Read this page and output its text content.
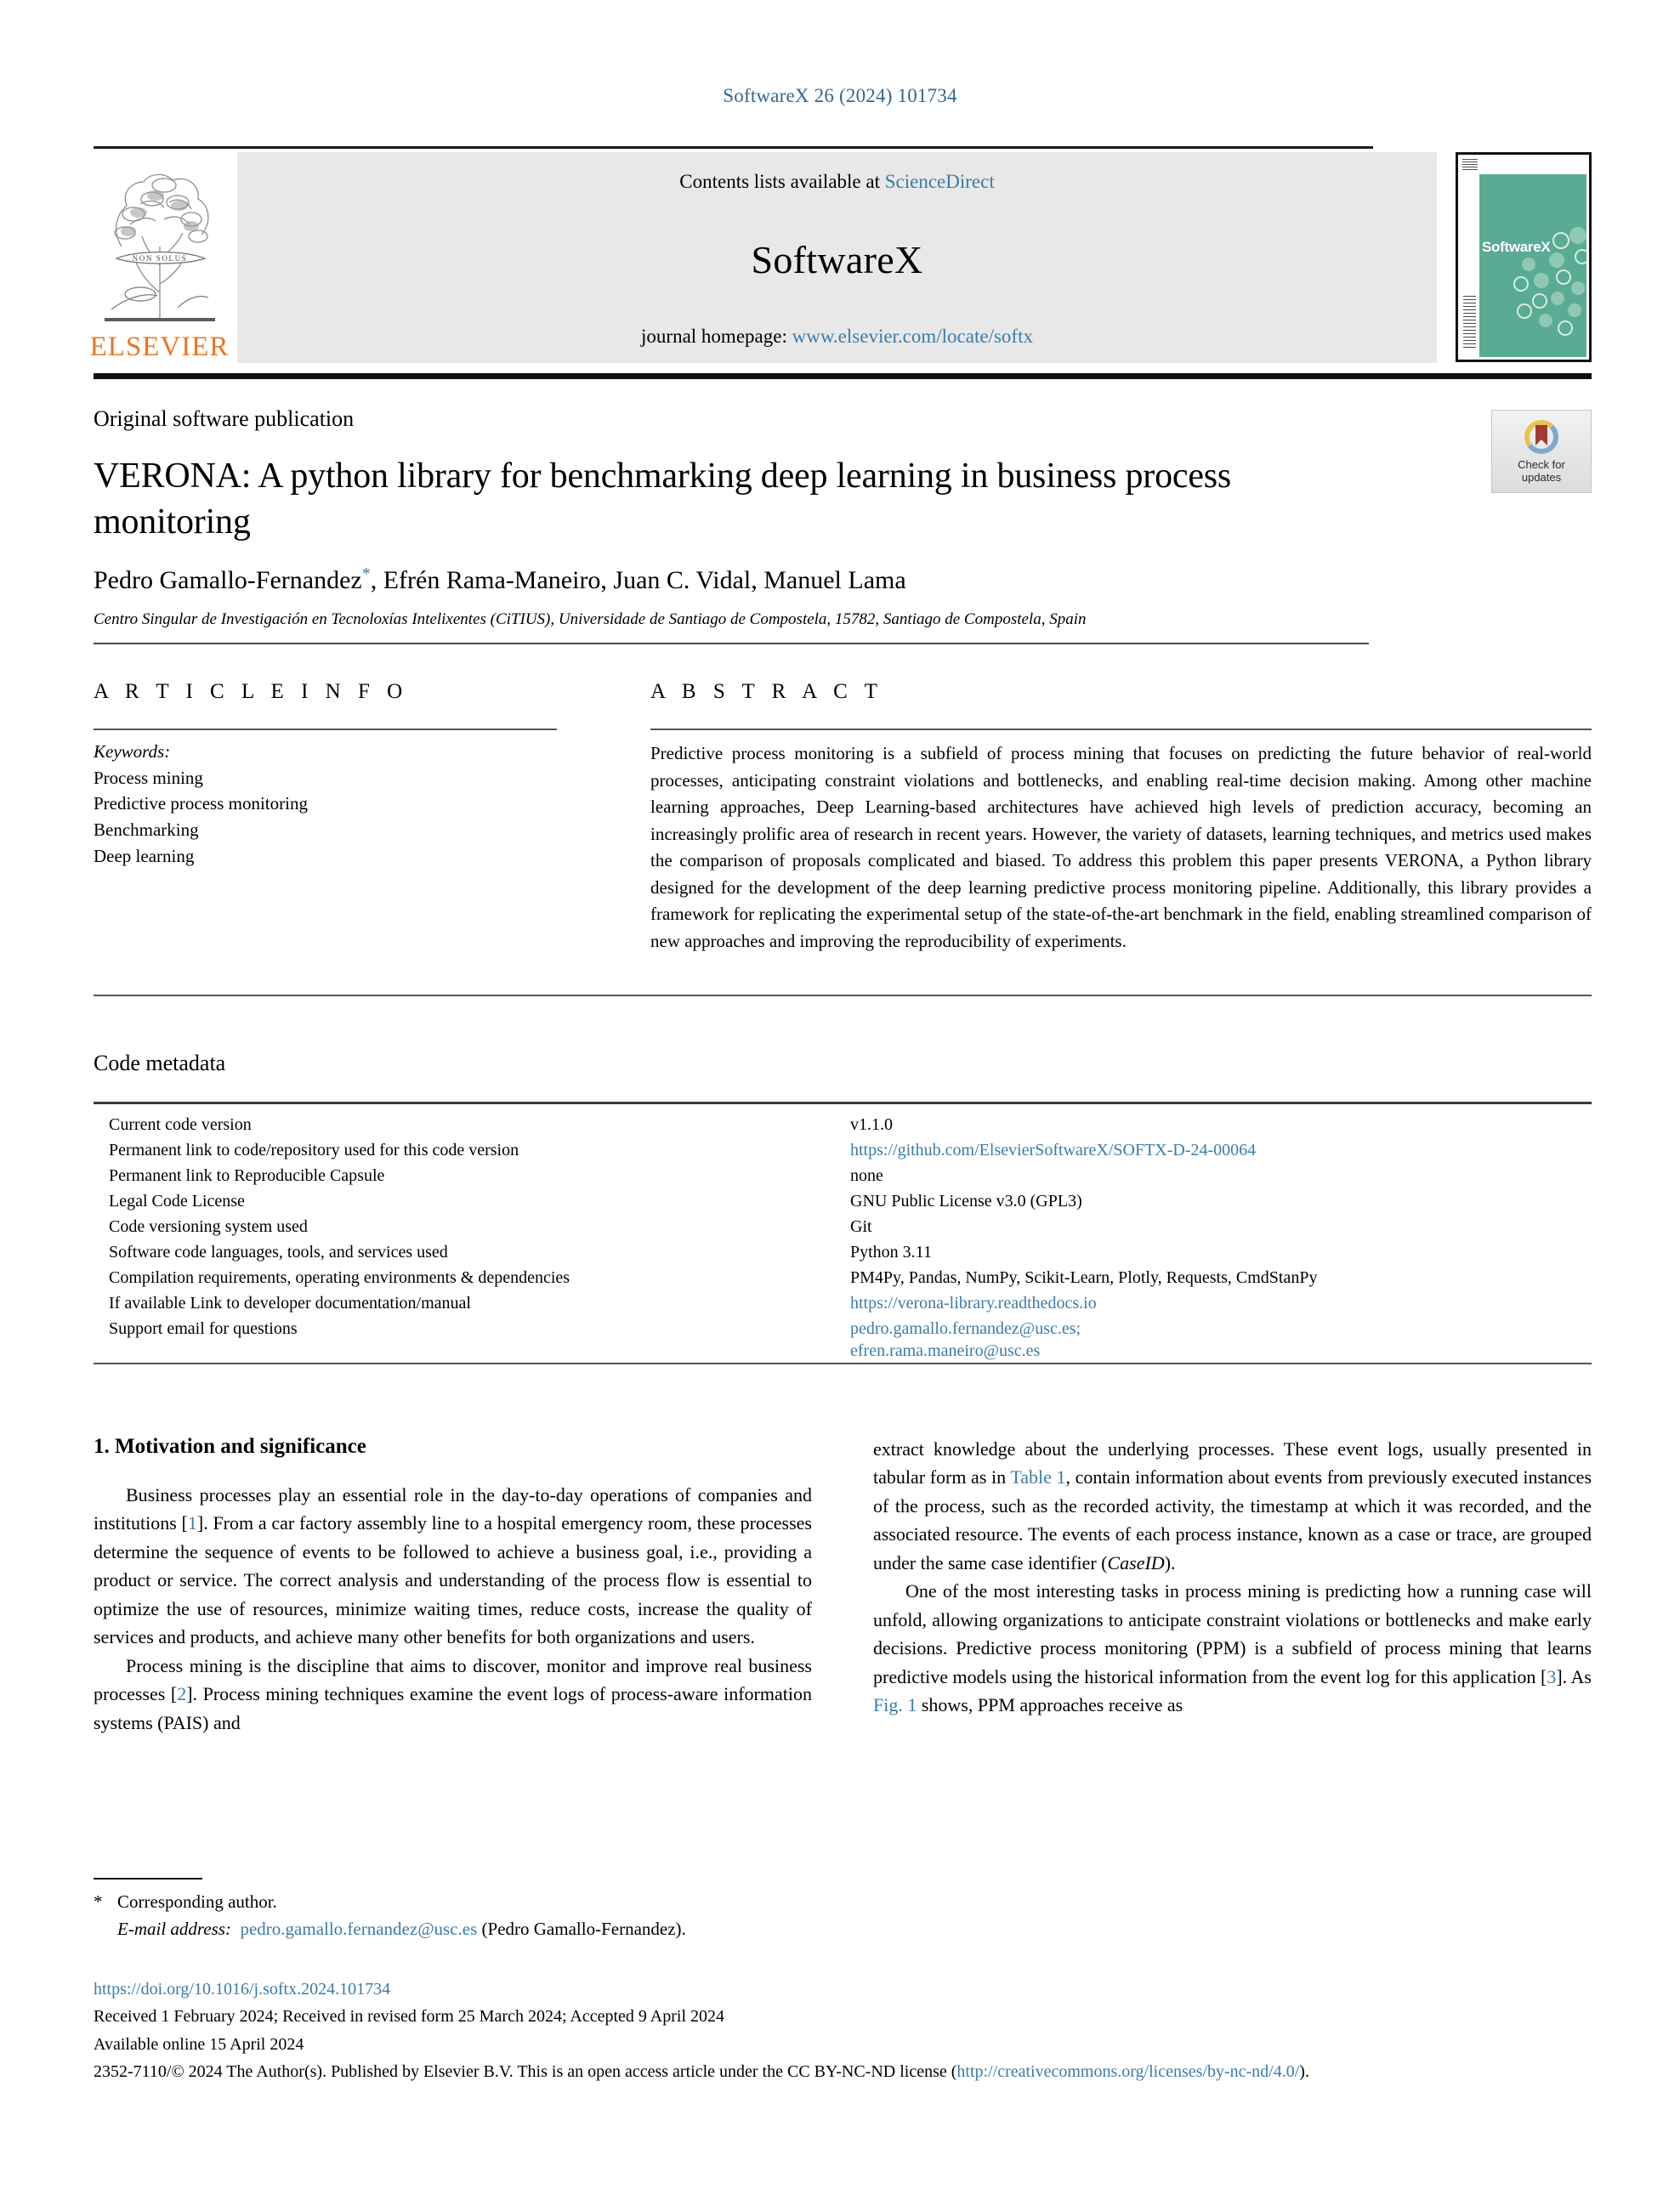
SoftwareX 26 (2024) 101734
NON SOLUS
ELSEVIER
Contents lists available at ScienceDirect
SoftwareX
journal homepage: www.elsevier.com/locate/softx
SoftwareX
Check for
updates
Original software publication
VERONA: A python library for benchmarking deep learning in business process monitoring
Pedro Gamallo-Fernandez*, Efrén Rama-Maneiro, Juan C. Vidal, Manuel Lama
Centro Singular de Investigación en Tecnoloxías Intelixentes (CiTIUS), Universidade de Santiago de Compostela, 15782, Santiago de Compostela, Spain
A R T I C L E I N F O
Keywords:
Process mining
Predictive process monitoring
Benchmarking
Deep learning
A B S T R A C T
Predictive process monitoring is a subfield of process mining that focuses on predicting the future behavior of real-world processes, anticipating constraint violations and bottlenecks, and enabling real-time decision making. Among other machine learning approaches, Deep Learning-based architectures have achieved high levels of prediction accuracy, becoming an increasingly prolific area of research in recent years. However, the variety of datasets, learning techniques, and metrics used makes the comparison of proposals complicated and biased. To address this problem this paper presents VERONA, a Python library designed for the development of the deep learning predictive process monitoring pipeline. Additionally, this library provides a framework for replicating the experimental setup of the state-of-the-art benchmark in the field, enabling streamlined comparison of new approaches and improving the reproducibility of experiments.
Code metadata
Current code version	v1.1.0
Permanent link to code/repository used for this code version	https://github.com/ElsevierSoftwareX/SOFTX-D-24-00064
Permanent link to Reproducible Capsule	none
Legal Code License	GNU Public License v3.0 (GPL3)
Code versioning system used	Git
Software code languages, tools, and services used	Python 3.11
Compilation requirements, operating environments & dependencies	PM4Py, Pandas, NumPy, Scikit-Learn, Plotly, Requests, CmdStanPy
If available Link to developer documentation/manual	https://verona-library.readthedocs.io
Support email for questions	pedro.gamallo.fernandez@usc.es;
efren.rama.maneiro@usc.es
1. Motivation and significance

Business processes play an essential role in the day-to-day operations of companies and institutions [1]. From a car factory assembly line to a hospital emergency room, these processes determine the sequence of events to be followed to achieve a business goal, i.e., providing a product or service. The correct analysis and understanding of the process flow is essential to optimize the use of resources, minimize waiting times, reduce costs, increase the quality of services and products, and achieve many other benefits for both organizations and users.

Process mining is the discipline that aims to discover, monitor and improve real business processes [2]. Process mining techniques examine the event logs of process-aware information systems (PAIS) and

extract knowledge about the underlying processes. These event logs, usually presented in tabular form as in Table 1, contain information about events from previously executed instances of the process, such as the recorded activity, the timestamp at which it was recorded, and the associated resource. The events of each process instance, known as a case or trace, are grouped under the same case identifier (CaseID).

One of the most interesting tasks in process mining is predicting how a running case will unfold, allowing organizations to anticipate constraint violations or bottlenecks and make early decisions. Predictive process monitoring (PPM) is a subfield of process mining that learns predictive models using the historical information from the event log for this application [3]. As Fig. 1 shows, PPM approaches receive as

* Corresponding author.
E-mail address: pedro.gamallo.fernandez@usc.es (Pedro Gamallo-Fernandez).
https://doi.org/10.1016/j.softx.2024.101734
Received 1 February 2024; Received in revised form 25 March 2024; Accepted 9 April 2024
Available online 15 April 2024
2352-7110/© 2024 The Author(s). Published by Elsevier B.V. This is an open access article under the CC BY-NC-ND license (http://creativecommons.org/licenses/by-nc-nd/4.0/).
